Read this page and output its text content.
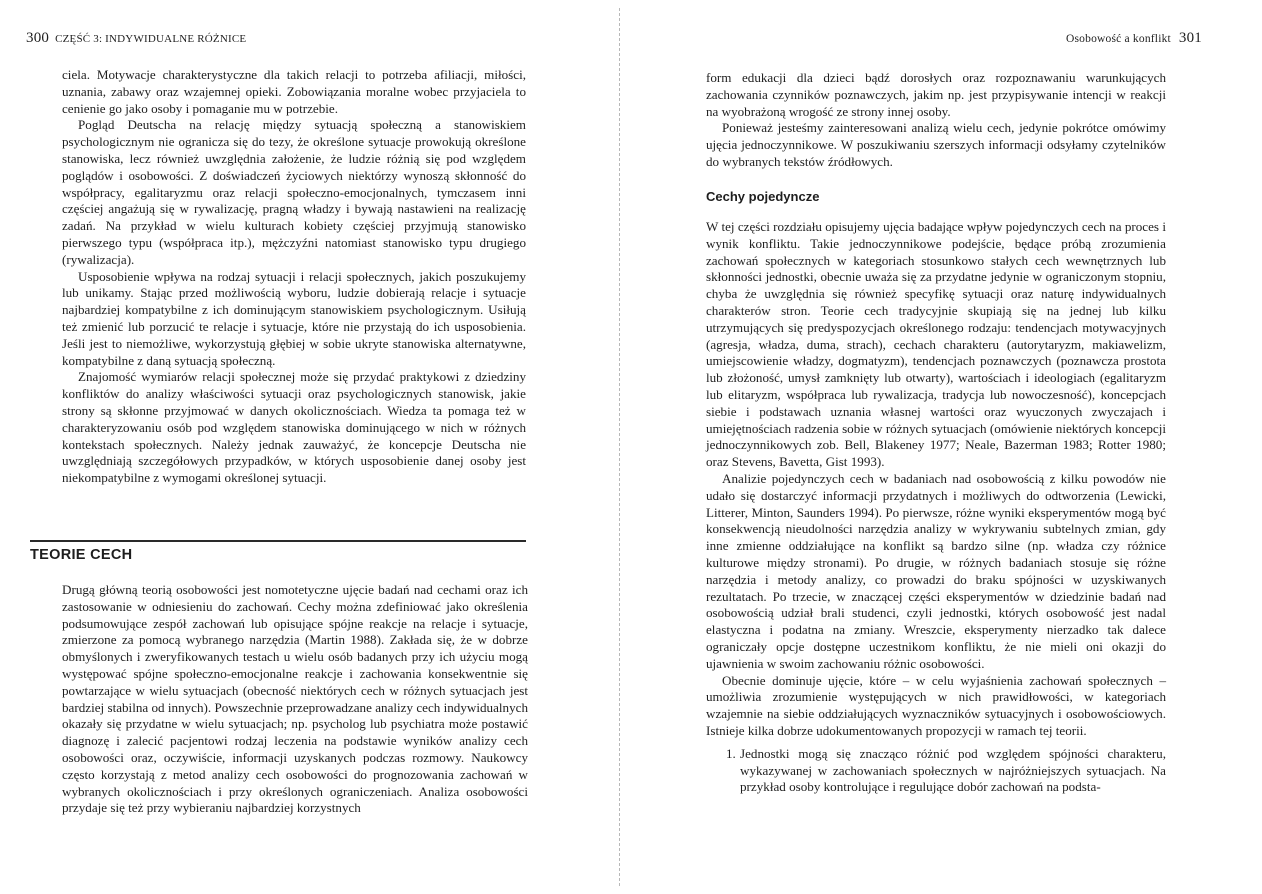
300 CZĘŚĆ 3: INDYWIDUALNE RÓŻNICE

ciela. Motywacje charakterystyczne dla takich relacji to potrzeba afiliacji, miłości, uznania, zabawy oraz wzajemnej opieki. Zobowiązania moralne wobec przyjaciela to cenienie go jako osoby i pomaganie mu w potrzebie.

Pogląd Deutscha na relację między sytuacją społeczną a stanowiskiem psychologicznym nie ogranicza się do tezy, że określone sytuacje prowokują określone stanowiska, lecz również uwzględnia założenie, że ludzie różnią się pod względem poglądów i osobowości. Z doświadczeń życiowych niektórzy wynoszą skłonność do współpracy, egalitaryzmu oraz relacji społeczno-emocjonalnych, tymczasem inni częściej angażują się w rywalizację, pragną władzy i bywają nastawieni na realizację zadań. Na przykład w wielu kulturach kobiety częściej przyjmują stanowisko pierwszego typu (współpraca itp.), mężczyźni natomiast stanowisko typu drugiego (rywalizacja).

Usposobienie wpływa na rodzaj sytuacji i relacji społecznych, jakich poszukujemy lub unikamy. Stając przed możliwością wyboru, ludzie dobierają relacje i sytuacje najbardziej kompatybilne z ich dominującym stanowiskiem psychologicznym. Usiłują też zmienić lub porzucić te relacje i sytuacje, które nie przystają do ich usposobienia. Jeśli jest to niemożliwe, wykorzystują głębiej w sobie ukryte stanowiska alternatywne, kompatybilne z daną sytuacją społeczną.

Znajomość wymiarów relacji społecznej może się przydać praktykowi z dziedziny konfliktów do analizy właściwości sytuacji oraz psychologicznych stanowisk, jakie strony są skłonne przyjmować w danych okolicznościach. Wiedza ta pomaga też w charakteryzowaniu osób pod względem stanowiska dominującego w nich w różnych kontekstach społecznych. Należy jednak zauważyć, że koncepcje Deutscha nie uwzględniają szczegółowych przypadków, w których usposobienie danej osoby jest niekompatybilne z wymogami określonej sytuacji.

TEORIE CECH

Drugą główną teorią osobowości jest nomotetyczne ujęcie badań nad cechami oraz ich zastosowanie w odniesieniu do zachowań. Cechy można zdefiniować jako określenia podsumowujące zespół zachowań lub opisujące spójne reakcje na relacje i sytuacje, zmierzone za pomocą wybranego narzędzia (Martin 1988). Zakłada się, że w dobrze obmyślonych i zweryfikowanych testach u wielu osób badanych przy ich użyciu mogą występować spójne społeczno-emocjonalne reakcje i zachowania konsekwentnie się powtarzające w wielu sytuacjach (obecność niektórych cech w różnych sytuacjach jest bardziej stabilna od innych). Powszechnie przeprowadzane analizy cech indywidualnych okazały się przydatne w wielu sytuacjach; np. psycholog lub psychiatra może postawić diagnozę i zalecić pacjentowi rodzaj leczenia na podstawie wyników analizy cech osobowości oraz, oczywiście, informacji uzyskanych podczas rozmowy. Naukowcy często korzystają z metod analizy cech osobowości do prognozowania zachowań w wybranych okolicznościach i przy określonych ograniczeniach. Analiza osobowości przydaje się też przy wybieraniu najbardziej korzystnych

Osobowość a konflikt 301

form edukacji dla dzieci bądź dorosłych oraz rozpoznawaniu warunkujących zachowania czynników poznawczych, jakim np. jest przypisywanie intencji w reakcji na wyobrażoną wrogość ze strony innej osoby.

Ponieważ jesteśmy zainteresowani analizą wielu cech, jedynie pokrótce omówimy ujęcia jednoczynnikowe. W poszukiwaniu szerszych informacji odsyłamy czytelników do wybranych tekstów źródłowych.

Cechy pojedyncze

W tej części rozdziału opisujemy ujęcia badające wpływ pojedynczych cech na proces i wynik konfliktu. Takie jednoczynnikowe podejście, będące próbą zrozumienia zachowań społecznych w kategoriach stosunkowo stałych cech wewnętrznych lub skłonności jednostki, obecnie uważa się za przydatne jedynie w ograniczonym stopniu, chyba że uwzględnia się również specyfikę sytuacji oraz naturę indywidualnych charakterów stron. Teorie cech tradycyjnie skupiają się na jednej lub kilku utrzymujących się predyspozycjach określonego rodzaju: tendencjach motywacyjnych (agresja, władza, duma, strach), cechach charakteru (autorytaryzm, makiawelizm, umiejscowienie władzy, dogmatyzm), tendencjach poznawczych (poznawcza prostota lub złożoność, umysł zamknięty lub otwarty), wartościach i ideologiach (egalitaryzm lub elitaryzm, współpraca lub rywalizacja, tradycja lub nowoczesność), koncepcjach siebie i podstawach uznania własnej wartości oraz wyuczonych zwyczajach i umiejętnościach radzenia sobie w różnych sytuacjach (omówienie niektórych koncepcji jednoczynnikowych zob. Bell, Blakeney 1977; Neale, Bazerman 1983; Rotter 1980; oraz Stevens, Bavetta, Gist 1993).

Analizie pojedynczych cech w badaniach nad osobowością z kilku powodów nie udało się dostarczyć informacji przydatnych i możliwych do odtworzenia (Lewicki, Litterer, Minton, Saunders 1994). Po pierwsze, różne wyniki eksperymentów mogą być konsekwencją nieudolności narzędzia analizy w wykrywaniu subtelnych zmian, gdy inne zmienne oddziałujące na konflikt są bardzo silne (np. władza czy różnice kulturowe między stronami). Po drugie, w różnych badaniach stosuje się różne narzędzia i metody analizy, co prowadzi do braku spójności w uzyskiwanych rezultatach. Po trzecie, w znaczącej części eksperymentów w dziedzinie badań nad osobowością udział brali studenci, czyli jednostki, których osobowość jest nadal elastyczna i podatna na zmiany. Wreszcie, eksperymenty nierzadko tak dalece ograniczały opcje dostępne uczestnikom konfliktu, że nie mieli oni okazji do ujawnienia w swoim zachowaniu różnic osobowości.

Obecnie dominuje ujęcie, które – w celu wyjaśnienia zachowań społecznych – umożliwia zrozumienie występujących w nich prawidłowości, w kategoriach wzajemnie na siebie oddziałujących wyznaczników sytuacyjnych i osobowościowych. Istnieje kilka dobrze udokumentowanych propozycji w ramach tej teorii.

1. Jednostki mogą się znacząco różnić pod względem spójności charakteru, wykazywanej w zachowaniach społecznych w najróżniejszych sytuacjach. Na przykład osoby kontrolujące i regulujące dobór zachowań na podsta-
